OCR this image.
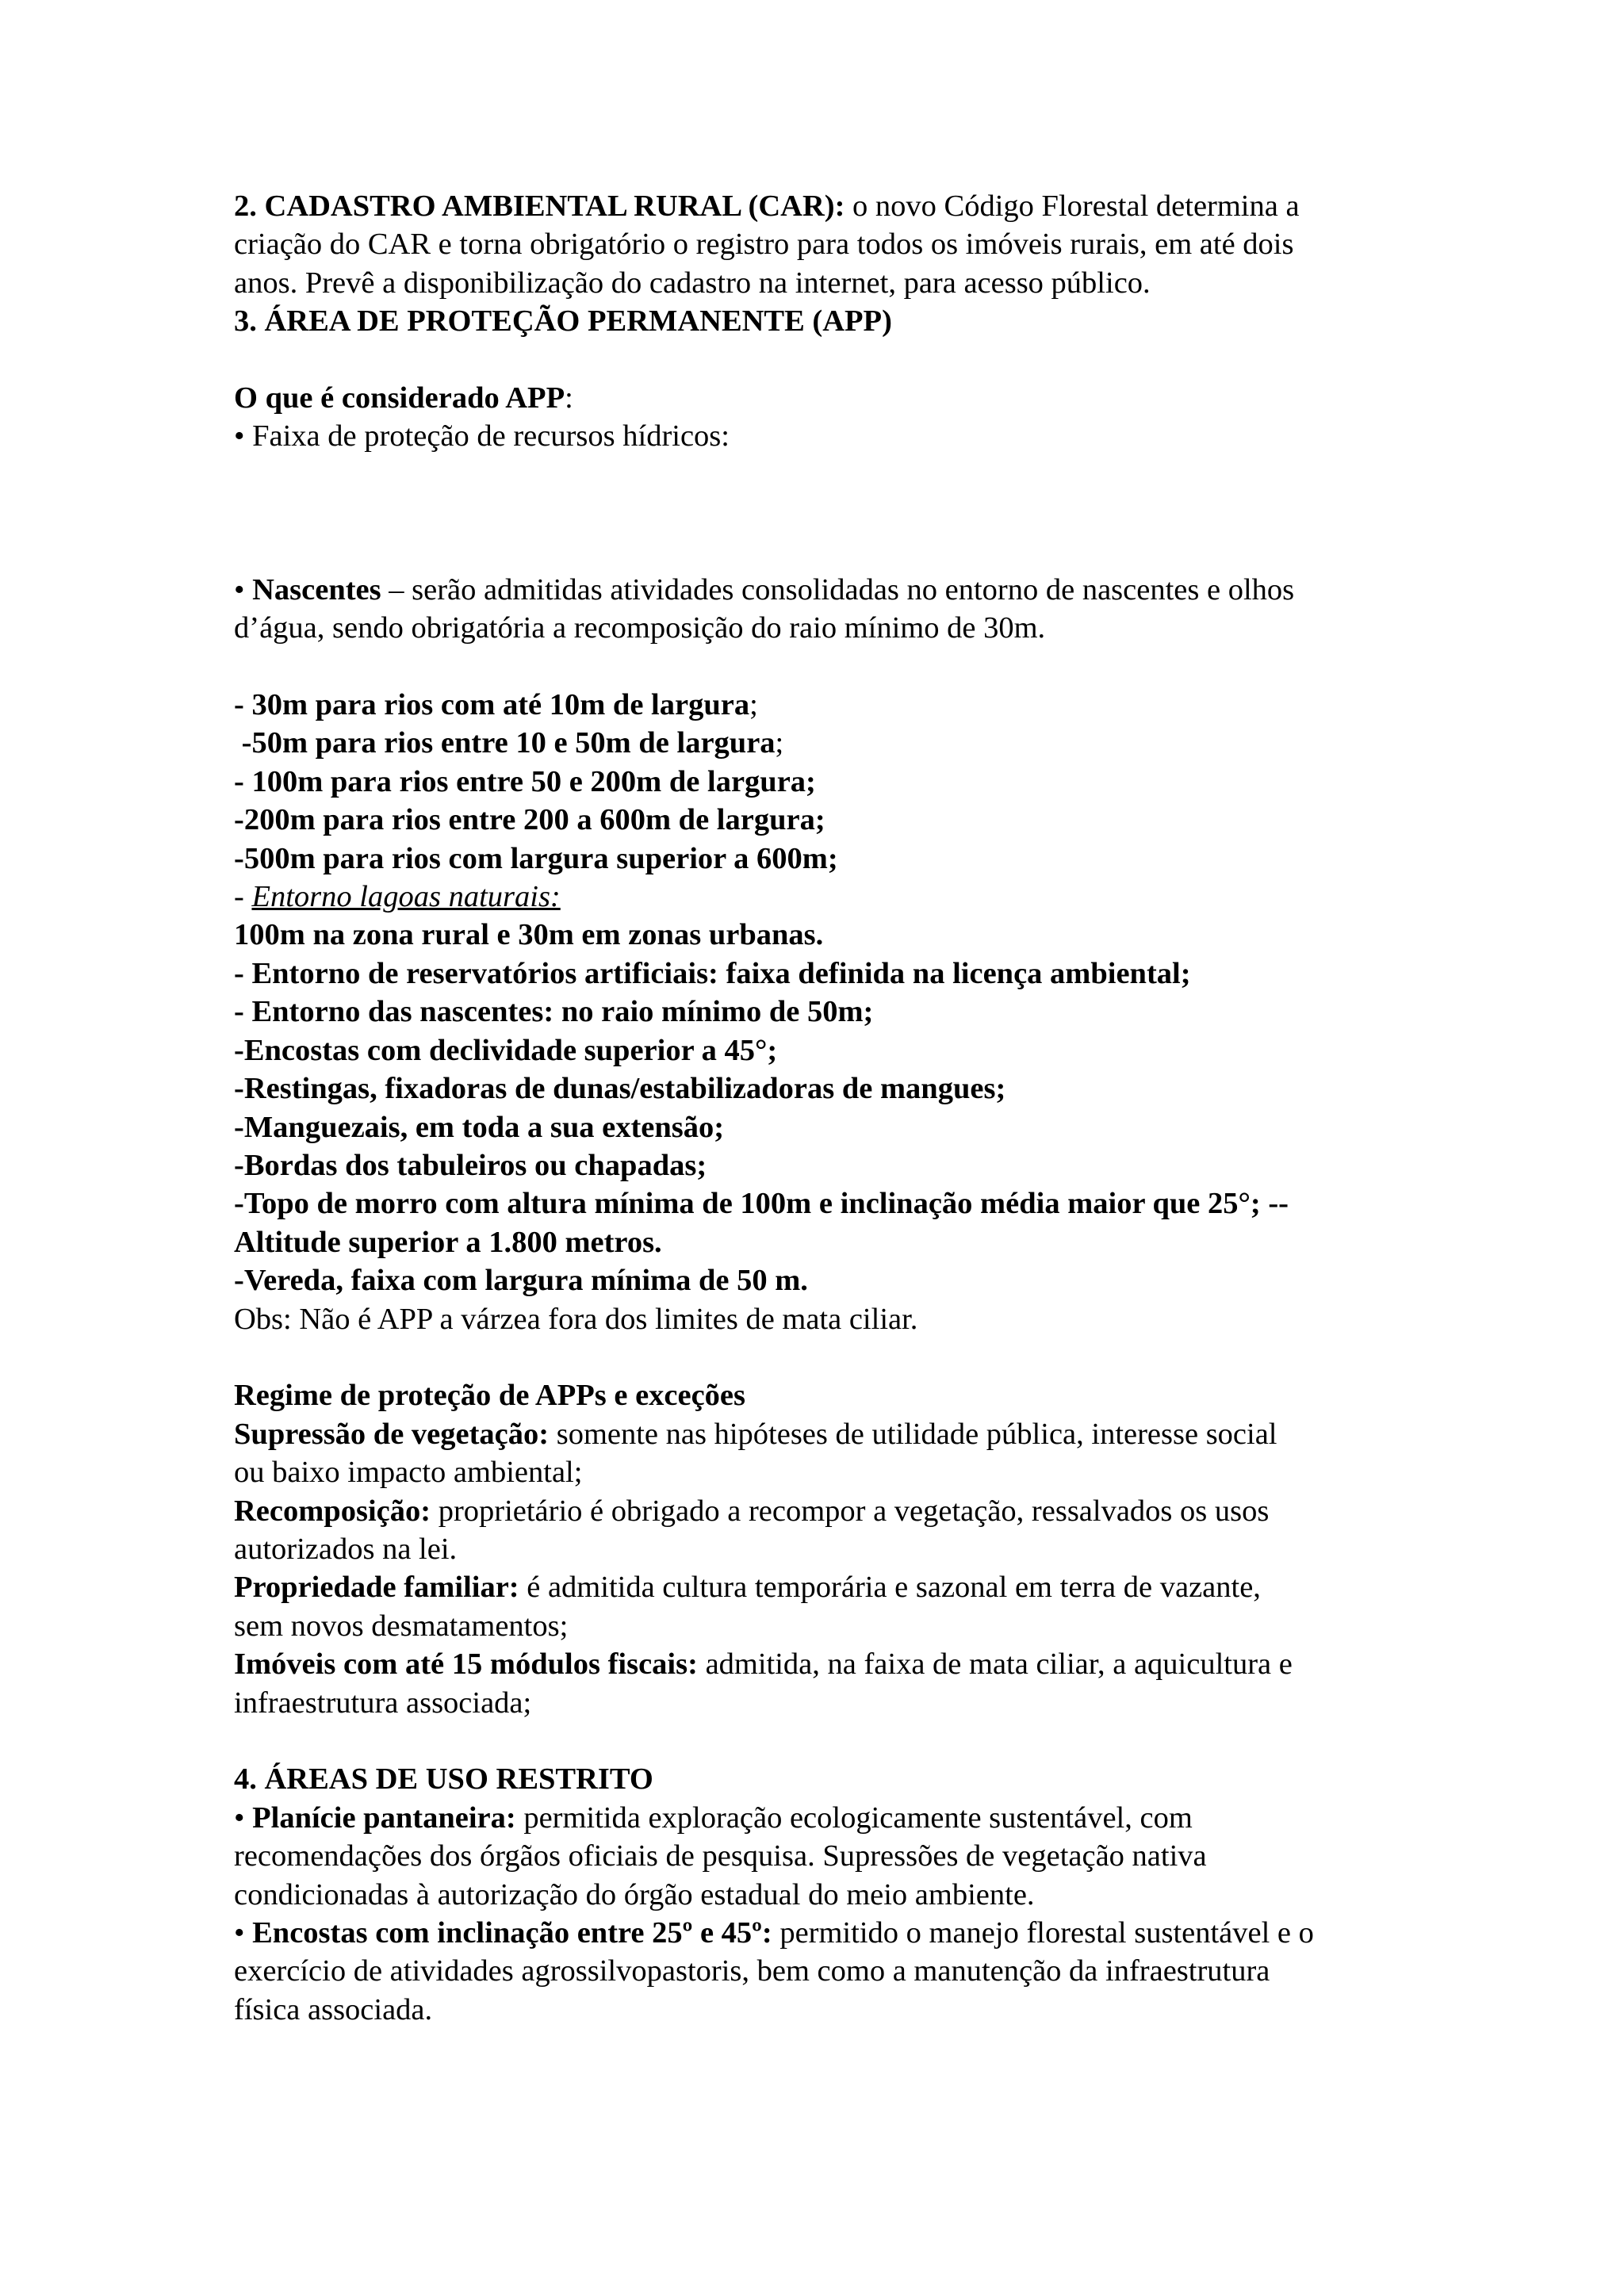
2. CADASTRO AMBIENTAL RURAL (CAR): o novo Código Florestal determina a
criação do CAR e torna obrigatório o registro para todos os imóveis rurais, em até dois
anos. Prevê a disponibilização do cadastro na internet, para acesso público.
3. ÁREA DE PROTEÇÃO PERMANENTE (APP)
O que é considerado APP:
• Faixa de proteção de recursos hídricos:
• Nascentes – serão admitidas atividades consolidadas no entorno de nascentes e olhos
d’água, sendo obrigatória a recomposição do raio mínimo de 30m.
- 30m para rios com até 10m de largura;
-50m para rios entre 10 e 50m de largura;
- 100m para rios entre 50 e 200m de largura;
-200m para rios entre 200 a 600m de largura;
-500m para rios com largura superior a 600m;
- Entorno lagoas naturais:
100m na zona rural e 30m em zonas urbanas.
- Entorno de reservatórios artificiais: faixa definida na licença ambiental;
- Entorno das nascentes: no raio mínimo de 50m;
-Encostas com declividade superior a 45°;
-Restingas, fixadoras de dunas/estabilizadoras de mangues;
-Manguezais, em toda a sua extensão;
-Bordas dos tabuleiros ou chapadas;
-Topo de morro com altura mínima de 100m e inclinação média maior que 25°; --
Altitude superior a 1.800 metros.
-Vereda, faixa com largura mínima de 50 m.
Obs: Não é APP a várzea fora dos limites de mata ciliar.
Regime de proteção de APPs e exceções
Supressão de vegetação: somente nas hipóteses de utilidade pública, interesse social
ou baixo impacto ambiental;
Recomposição: proprietário é obrigado a recompor a vegetação, ressalvados os usos
autorizados na lei.
Propriedade familiar: é admitida cultura temporária e sazonal em terra de vazante,
sem novos desmatamentos;
Imóveis com até 15 módulos fiscais: admitida, na faixa de mata ciliar, a aquicultura e
infraestrutura associada;
4. ÁREAS DE USO RESTRITO
• Planície pantaneira: permitida exploração ecologicamente sustentável, com
recomendações dos órgãos oficiais de pesquisa. Supressões de vegetação nativa
condicionadas à autorização do órgão estadual do meio ambiente.
• Encostas com inclinação entre 25º e 45º: permitido o manejo florestal sustentável e o
exercício de atividades agrossilvopastoris, bem como a manutenção da infraestrutura
física associada.
